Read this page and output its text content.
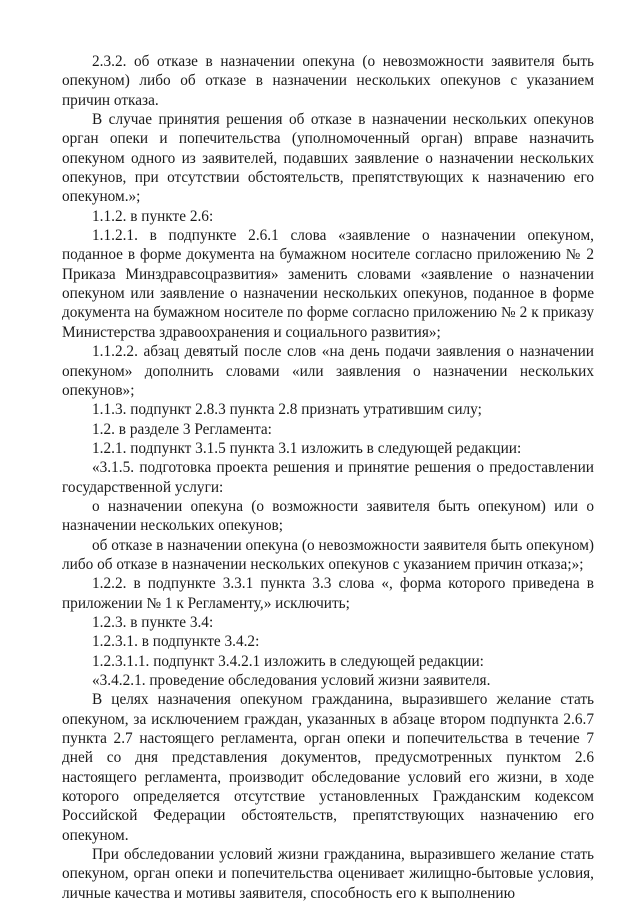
2.3.2. об отказе в назначении опекуна (о невозможности заявителя быть опекуном) либо об отказе в назначении нескольких опекунов с указанием причин отказа.

В случае принятия решения об отказе в назначении нескольких опекунов орган опеки и попечительства (уполномоченный орган) вправе назначить опекуном одного из заявителей, подавших заявление о назначении нескольких опекунов, при отсутствии обстоятельств, препятствующих к назначению его опекуном.»;

1.1.2. в пункте 2.6:

1.1.2.1. в подпункте 2.6.1 слова «заявление о назначении опекуном, поданное в форме документа на бумажном носителе согласно приложению № 2 Приказа Минздравсоцразвития» заменить словами «заявление о назначении опекуном или заявление о назначении нескольких опекунов, поданное в форме документа на бумажном носителе по форме согласно приложению № 2 к приказу Министерства здравоохранения и социального развития»;

1.1.2.2. абзац девятый после слов «на день подачи заявления о назначении опекуном» дополнить словами «или заявления о назначении нескольких опекунов»;

1.1.3. подпункт 2.8.3 пункта 2.8 признать утратившим силу;

1.2. в разделе 3 Регламента:

1.2.1. подпункт 3.1.5 пункта 3.1 изложить в следующей редакции:

«3.1.5. подготовка проекта решения и принятие решения о предоставлении государственной услуги:

о назначении опекуна (о возможности заявителя быть опекуном) или о назначении нескольких опекунов;

об отказе в назначении опекуна (о невозможности заявителя быть опекуном) либо об отказе в назначении нескольких опекунов с указанием причин отказа;»;

1.2.2. в подпункте 3.3.1 пункта 3.3 слова «, форма которого приведена в приложении № 1 к Регламенту,» исключить;

1.2.3. в пункте 3.4:

1.2.3.1. в подпункте 3.4.2:

1.2.3.1.1. подпункт 3.4.2.1 изложить в следующей редакции:

«3.4.2.1. проведение обследования условий жизни заявителя.

В целях назначения опекуном гражданина, выразившего желание стать опекуном, за исключением граждан, указанных в абзаце втором подпункта 2.6.7 пункта 2.7 настоящего регламента, орган опеки и попечительства в течение 7 дней со дня представления документов, предусмотренных пунктом 2.6 настоящего регламента, производит обследование условий его жизни, в ходе которого определяется отсутствие установленных Гражданским кодексом Российской Федерации обстоятельств, препятствующих назначению его опекуном.

При обследовании условий жизни гражданина, выразившего желание стать опекуном, орган опеки и попечительства оценивает жилищно-бытовые условия, личные качества и мотивы заявителя, способность его к выполнению
